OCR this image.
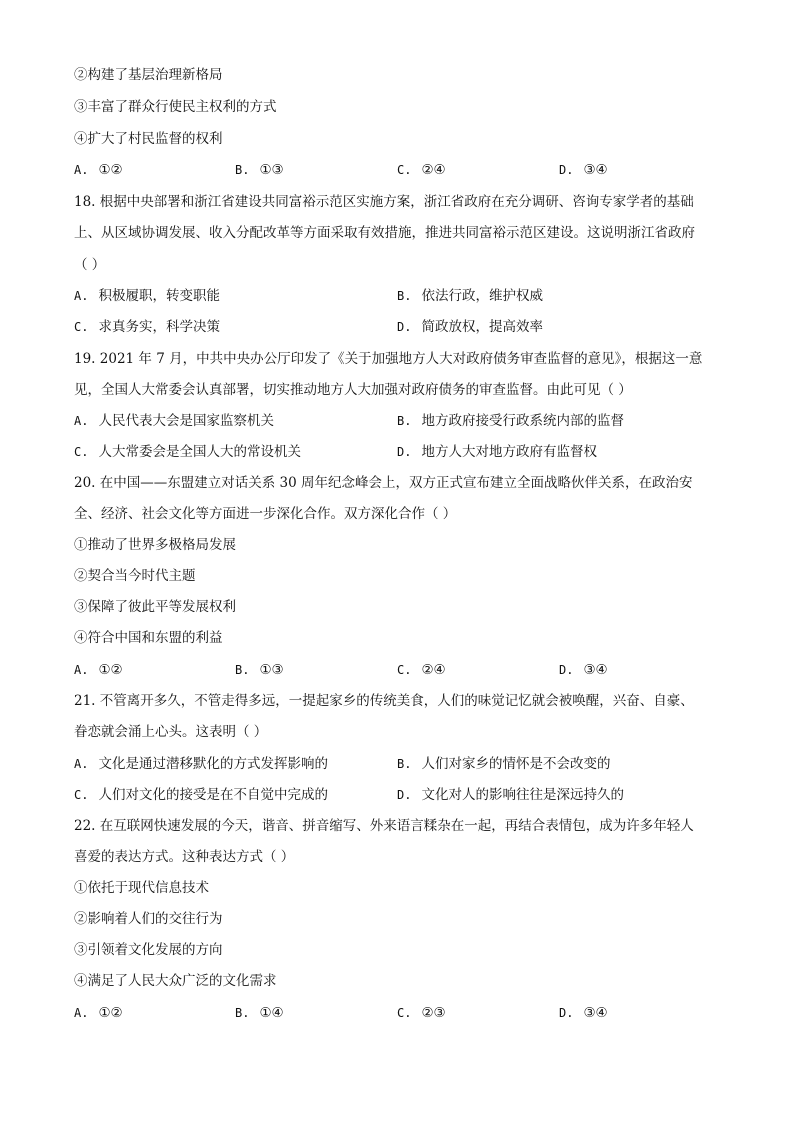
②构建了基层治理新格局
③丰富了群众行使民主权利的方式
④扩大了村民监督的权利
A. ①②	B. ①③	C. ②④	D. ③④
18. 根据中央部署和浙江省建设共同富裕示范区实施方案，浙江省政府在充分调研、咨询专家学者的基础
上、从区域协调发展、收入分配改革等方面采取有效措施，推进共同富裕示范区建设。这说明浙江省政府
（ ）
A. 积极履职，转变职能	B. 依法行政，维护权威
C. 求真务实，科学决策	D. 简政放权，提高效率
19. 2021 年 7 月，中共中央办公厅印发了《关于加强地方人大对政府债务审查监督的意见》，根据这一意
见，全国人大常委会认真部署，切实推动地方人大加强对政府债务的审查监督。由此可见（ ）
A. 人民代表大会是国家监察机关	B. 地方政府接受行政系统内部的监督
C. 人大常委会是全国人大的常设机关	D. 地方人大对地方政府有监督权
20. 在中国——东盟建立对话关系 30 周年纪念峰会上，双方正式宣布建立全面战略伙伴关系，在政治安
全、经济、社会文化等方面进一步深化合作。双方深化合作（ ）
①推动了世界多极格局发展
②契合当今时代主题
③保障了彼此平等发展权利
④符合中国和东盟的利益
A. ①②	B. ①③	C. ②④	D. ③④
21. 不管离开多久，不管走得多远，一提起家乡的传统美食，人们的味觉记忆就会被唤醒，兴奋、自豪、
眷恋就会涌上心头。这表明（ ）
A. 文化是通过潜移默化的方式发挥影响的	B. 人们对家乡的情怀是不会改变的
C. 人们对文化的接受是在不自觉中完成的	D. 文化对人的影响往往是深远持久的
22. 在互联网快速发展的今天，谐音、拼音缩写、外来语言糅杂在一起，再结合表情包，成为许多年轻人
喜爱的表达方式。这种表达方式（ ）
①依托于现代信息技术
②影响着人们的交往行为
③引领着文化发展的方向
④满足了人民大众广泛的文化需求
A. ①②	B. ①④	C. ②③	D. ③④
